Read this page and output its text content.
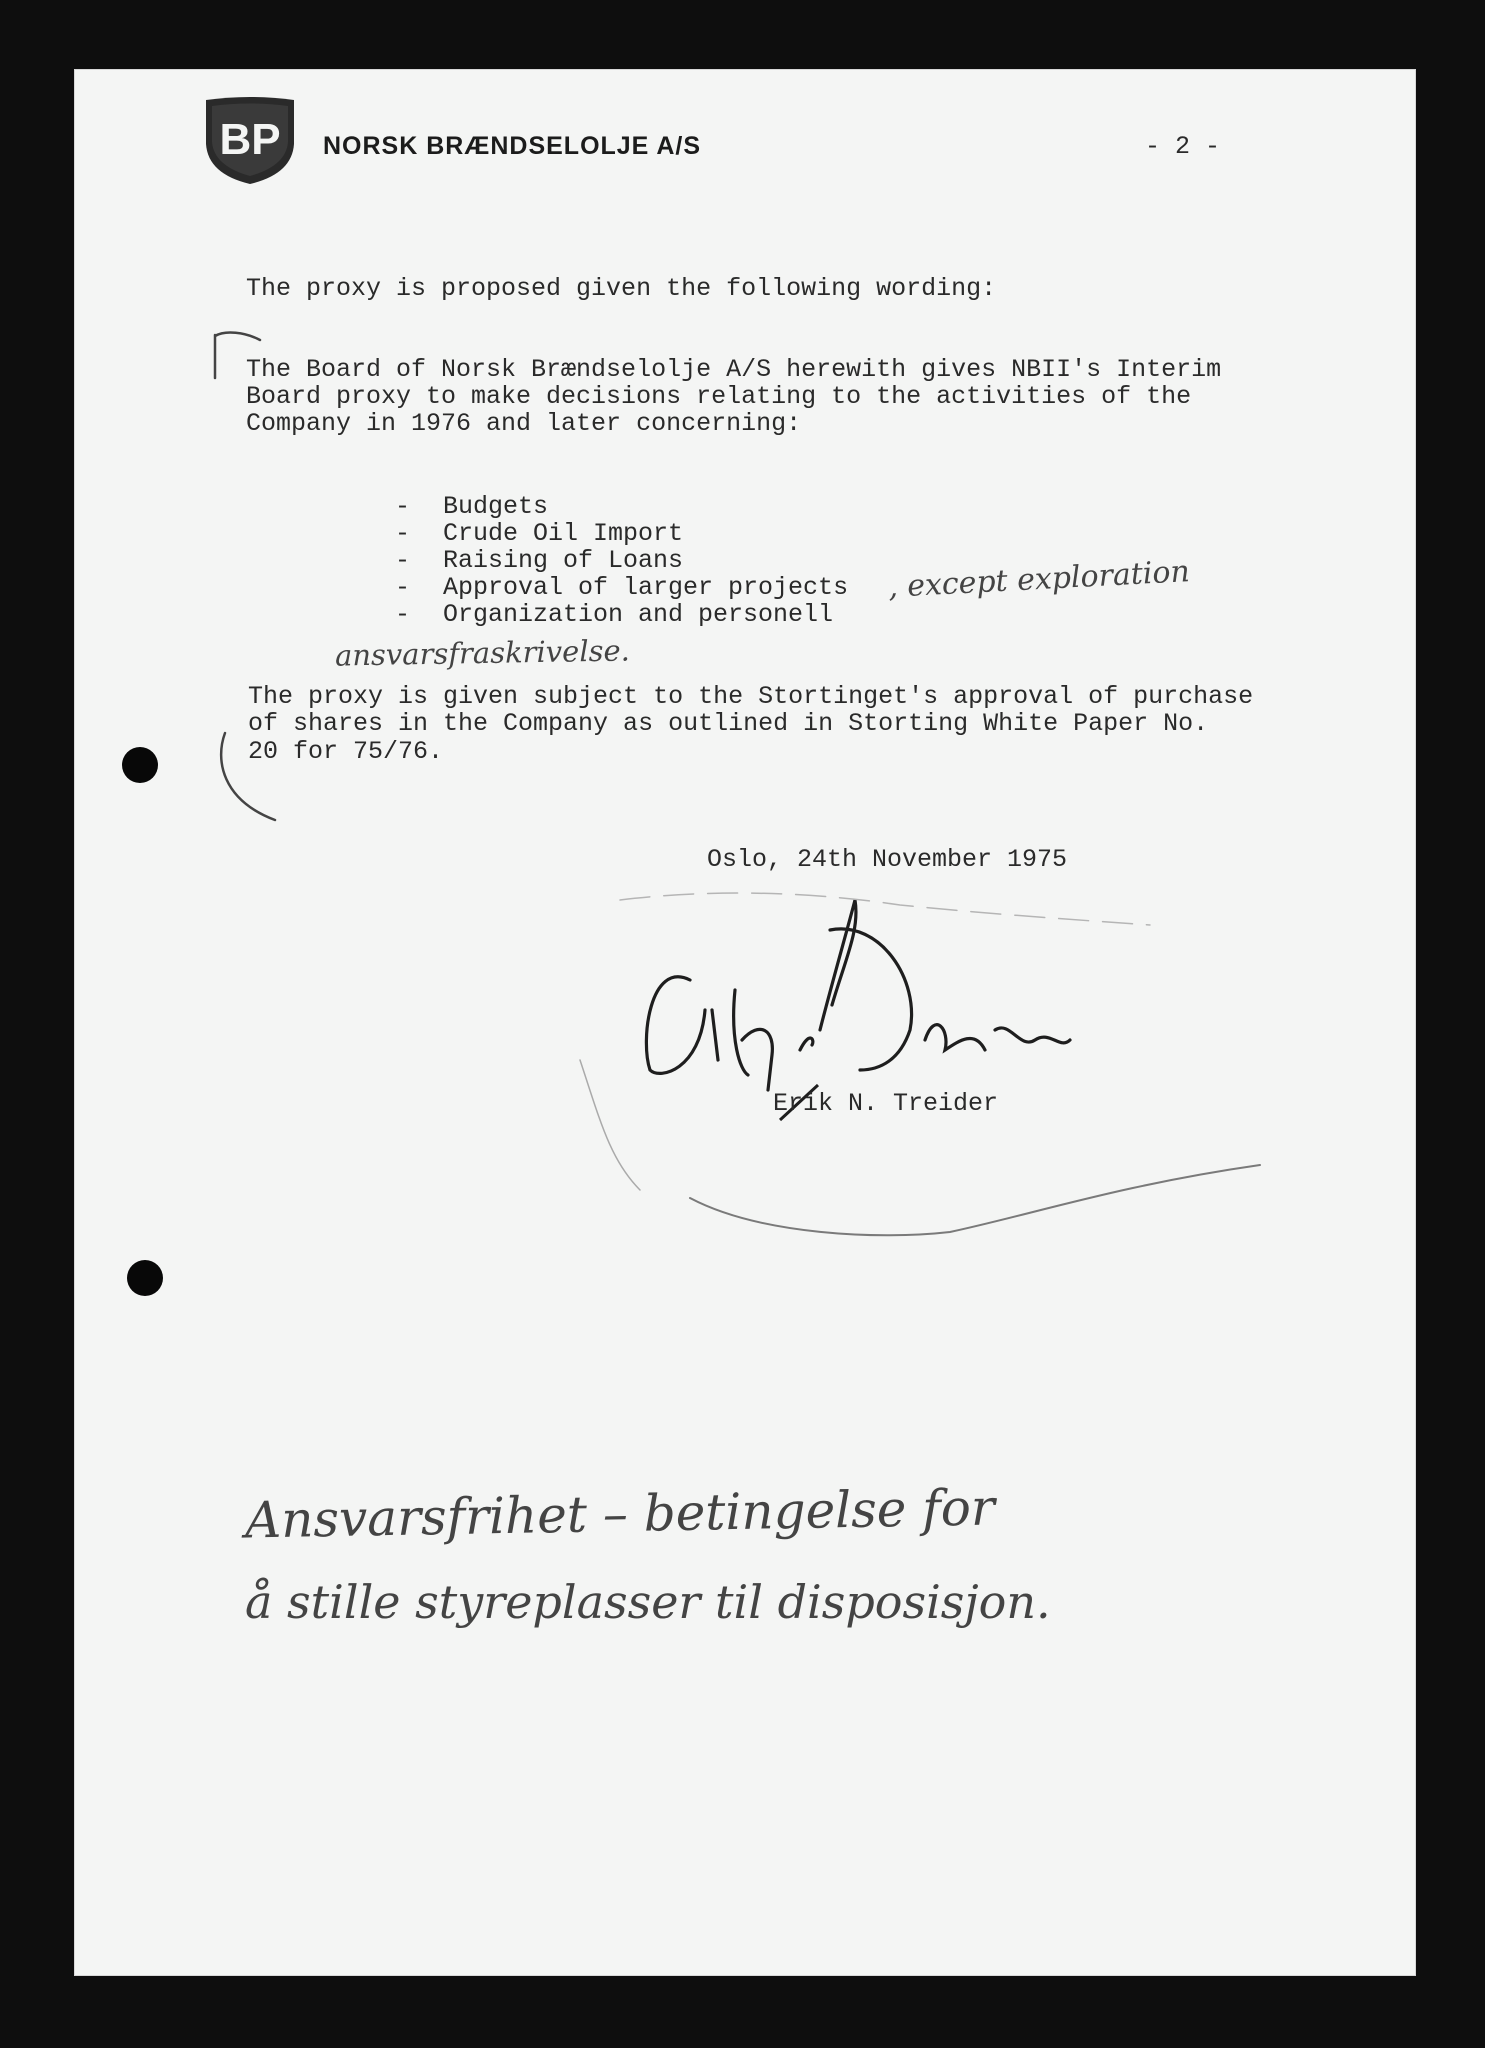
BP NORSK BRÆNDSELOLJE A/S	- 2 -
The proxy is proposed given the following wording:
The Board of Norsk Brændselolje A/S herewith gives NBII's Interim
Board proxy to make decisions relating to the activities of the
Company in 1976 and later concerning:
- Budgets
- Crude Oil Import
- Raising of Loans
- Approval of larger projects
- Organization and personell
, except exploration
ansvarsfraskrivelse.
The proxy is given subject to the Stortinget's approval of purchase
of shares in the Company as outlined in Storting White Paper No.
20 for 75/76.
Oslo, 24th November 1975
Erik N. Treider
Ansvarsfrihet – betingelse for
å stille styreplasser til disposisjon.
